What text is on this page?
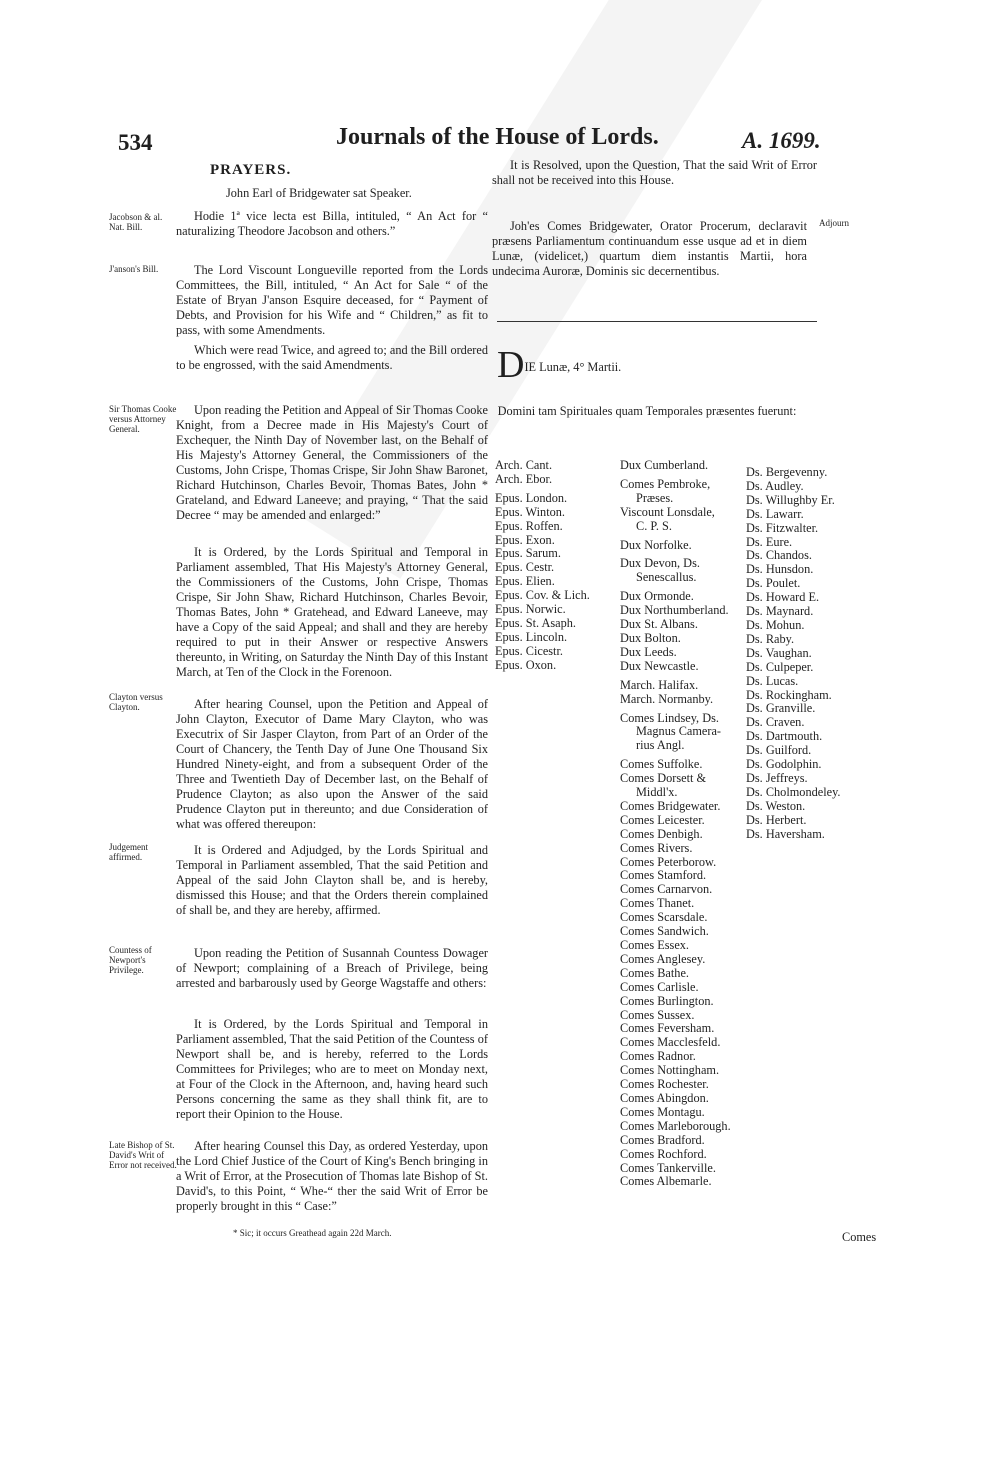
534	Journals of the House of Lords.	A. 1699.
PRAYERS.
John Earl of Bridgewater sat Speaker.
Jacobson & al. Nat. Bill.
Hodie 1ª vice lecta est Billa, intituled, “ An Act for “ naturalizing Theodore Jacobson and others.”
J'anson's Bill.	The Lord Viscount Longueville reported from the Lords Committees, the Bill, intituled, “ An Act for Sale “ of the Estate of Bryan J'anson Esquire deceased, for “ Payment of Debts, and Provision for his Wife and “ Children,” as fit to pass, with some Amendments.
Which were read Twice, and agreed to; and the Bill ordered to be engrossed, with the said Amendments.
Sir Thomas Cooke versus Attorney General.
Upon reading the Petition and Appeal of Sir Thomas Cooke Knight, from a Decree made in His Majesty's Court of Exchequer, the Ninth Day of November last, on the Behalf of His Majesty's Attorney General, the Commissioners of the Customs, John Crispe, Thomas Crispe, Sir John Shaw Baronet, Richard Hutchinson, Charles Bevoir, Thomas Bates, John * Grateland, and Edward Laneeve; and praying, “ That the said Decree “ may be amended and enlarged:”
It is Ordered, by the Lords Spiritual and Temporal in Parliament assembled, That His Majesty's Attorney General, the Commissioners of the Customs, John Crispe, Thomas Crispe, Sir John Shaw, Richard Hutchinson, Charles Bevoir, Thomas Bates, John * Gratehead, and Edward Laneeve, may have a Copy of the said Appeal; and shall and they are hereby required to put in their Answer or respective Answers thereunto, in Writing, on Saturday the Ninth Day of this Instant March, at Ten of the Clock in the Forenoon.
Clayton versus Clayton.	After hearing Counsel, upon the Petition and Appeal of John Clayton, Executor of Dame Mary Clayton, who was Executrix of Sir Jasper Clayton, from Part of an Order of the Court of Chancery, the Tenth Day of June One Thousand Six Hundred Ninety-eight, and from a subsequent Order of the Three and Twentieth Day of December last, on the Behalf of Prudence Clayton; as also upon the Answer of the said Prudence Clayton put in thereunto; and due Consideration of what was offered thereupon:
Judgement affirmed.	It is Ordered and Adjudged, by the Lords Spiritual and Temporal in Parliament assembled, That the said Petition and Appeal of the said John Clayton shall be, and is hereby, dismissed this House; and that the Orders therein complained of shall be, and they are hereby, affirmed.
Countess of Newport's Privilege.
Upon reading the Petition of Susannah Countess Dowager of Newport; complaining of a Breach of Privilege, being arrested and barbarously used by George Wagstaffe and others:
It is Ordered, by the Lords Spiritual and Temporal in Parliament assembled, That the said Petition of the Countess of Newport shall be, and is hereby, referred to the Lords Committees for Privileges; who are to meet on Monday next, at Four of the Clock in the Afternoon, and, having heard such Persons concerning the same as they shall think fit, are to report their Opinion to the House.
Late Bishop of St. David's Writ of Error not received.
After hearing Counsel this Day, as ordered Yesterday, upon the Lord Chief Justice of the Court of King's Bench bringing in a Writ of Error, at the Prosecution of Thomas late Bishop of St. David's, to this Point, “ Whe-“ ther the said Writ of Error be properly brought in this “ Case:”
* Sic; it occurs Greathead again 22d March.
It is Resolved, upon the Question, That the said Writ of Error shall not be received into this House.
Adjourn
Joh'es Comes Bridgewater, Orator Procerum, declaravit præsens Parliamentum continuandum esse usque ad et in diem Lunæ, (videlicet,) quartum diem instantis Martii, hora undecima Auroræ, Dominis sic decernentibus.
DIE Lunæ, 4° Martii.
Domini tam Spirituales quam Temporales præsentes fuerunt:
Arch. Cant.
Arch. Ebor.
Epus. London.
Epus. Winton.
Epus. Roffen.
Epus. Exon.
Epus. Sarum.
Epus. Cestr.
Epus. Elien.
Epus. Cov. & Lich.
Epus. Norwic.
Epus. St. Asaph.
Epus. Lincoln.
Epus. Cicestr.
Epus. Oxon.
Dux Cumberland.
Comes Pembroke,
Præses.
Viscount Lonsdale,
C. P. S.
Dux Norfolke.
Dux Devon, Ds.
Senescallus.
Dux Ormonde.
Dux Northumberland.
Dux St. Albans.
Dux Bolton.
Dux Leeds.
Dux Newcastle.
March. Halifax.
March. Normanby.
Comes Lindsey, Ds.
Magnus Camera-
rius Angl.
Comes Suffolke.
Comes Dorsett &
Middl'x.
Comes Bridgewater.
Comes Leicester.
Comes Denbigh.
Comes Rivers.
Comes Peterborow.
Comes Stamford.
Comes Carnarvon.
Comes Thanet.
Comes Scarsdale.
Comes Sandwich.
Comes Essex.
Comes Anglesey.
Comes Bathe.
Comes Carlisle.
Comes Burlington.
Comes Sussex.
Comes Feversham.
Comes Macclesfeld.
Comes Radnor.
Comes Nottingham.
Comes Rochester.
Comes Abingdon.
Comes Montagu.
Comes Marleborough.
Comes Bradford.
Comes Rochford.
Comes Tankerville.
Comes Albemarle.
Ds. Bergevenny.
Ds. Audley.
Ds. Willughby Er.
Ds. Lawarr.
Ds. Fitzwalter.
Ds. Eure.
Ds. Chandos.
Ds. Hunsdon.
Ds. Poulet.
Ds. Howard E.
Ds. Maynard.
Ds. Mohun.
Ds. Raby.
Ds. Vaughan.
Ds. Culpeper.
Ds. Lucas.
Ds. Rockingham.
Ds. Granville.
Ds. Craven.
Ds. Dartmouth.
Ds. Guilford.
Ds. Godolphin.
Ds. Jeffreys.
Ds. Cholmondeley.
Ds. Weston.
Ds. Herbert.
Ds. Haversham.
Comes
